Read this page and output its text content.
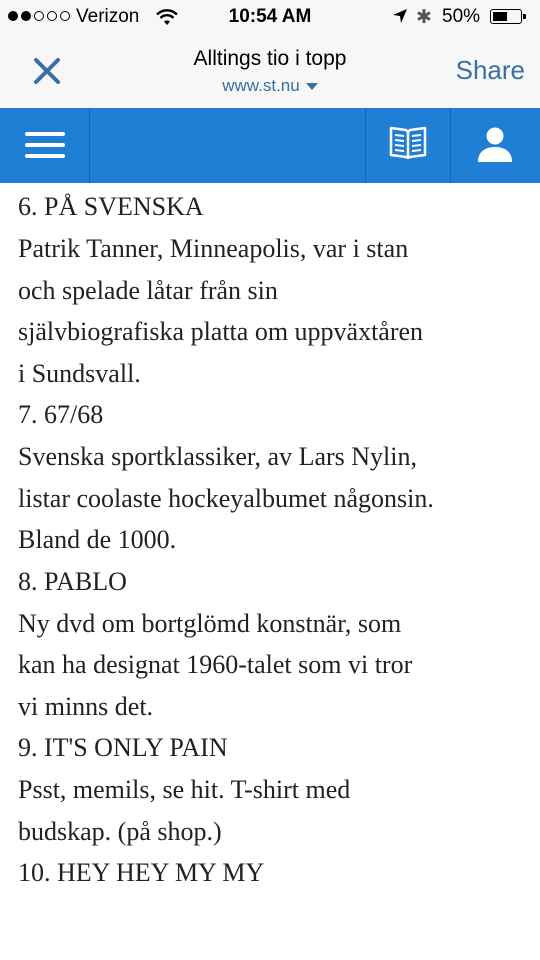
Verizon	10:54 AM	✱ 50%
Alltings tio i topp
www.st.nu
Share

6. PÅ SVENSKA

Patrik Tanner, Minneapolis, var i stan
och spelade låtar från sin
självbiografiska platta om uppväxtåren
i Sundsvall.

7. 67/68

Svenska sportklassiker, av Lars Nylin,
listar coolaste hockeyalbumet någonsin.
Bland de 1000.

8. PABLO

Ny dvd om bortglömd konstnär, som
kan ha designat 1960-talet som vi tror
vi minns det.

9. IT'S ONLY PAIN

Psst, memils, se hit. T-shirt med
budskap. (på shop.)

10. HEY HEY MY MY
